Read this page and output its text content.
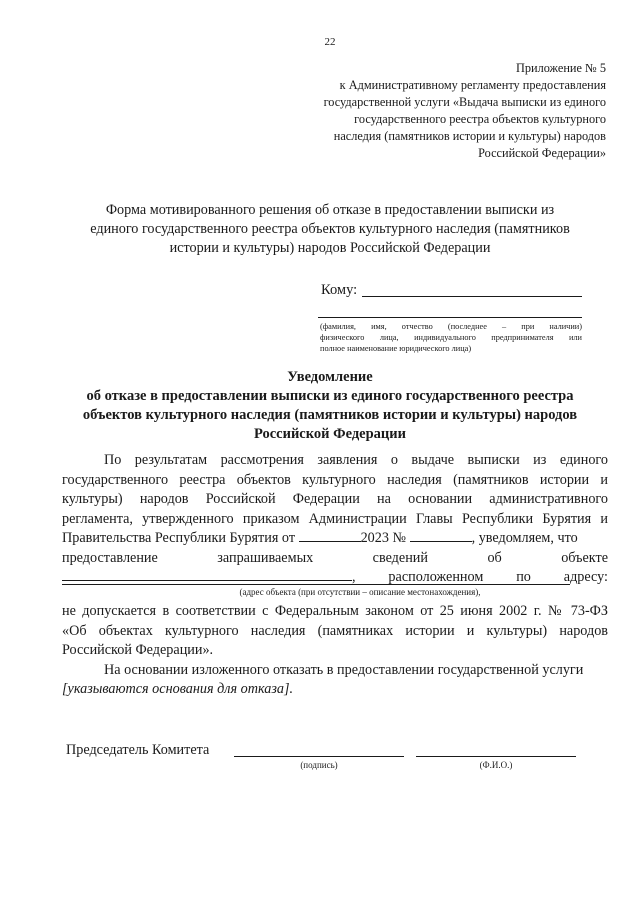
22
Приложение № 5
к Административному регламенту предоставления
государственной услуги «Выдача выписки из единого
государственного реестра объектов культурного
наследия (памятников истории и культуры) народов
Российской Федерации»
Форма мотивированного решения об отказе в предоставлении выписки из
единого государственного реестра объектов культурного наследия (памятников
истории и культуры) народов Российской Федерации
Кому:
(фамилия, имя, отчество (последнее – при наличии)
физического лица, индивидуального предпринимателя или
полное наименование юридического лица)
Уведомление
об отказе в предоставлении выписки из единого государственного реестра
объектов культурного наследия (памятников истории и культуры) народов
Российской Федерации
По результатам рассмотрения заявления о выдаче выписки из единого
государственного реестра объектов культурного наследия (памятников истории и
культуры) народов Российской Федерации на основании административного
регламента, утвержденного приказом Администрации Главы Республики Бурятия и
Правительства Республики Бурятия от	2023 №	, уведомляем, что
предоставление	запрашиваемых	сведений	об	объекте
, расположенном по адресу:
(адрес объекта (при отсутствии – описание местонахождения),
не допускается в соответствии с Федеральным законом от 25 июня 2002 г. № 73-ФЗ
«Об объектах культурного наследия (памятниках истории и культуры) народов
Российской Федерации».
На основании изложенного отказать в предоставлении государственной услуги
[указываются основания для отказа].
Председатель Комитета
(подпись)	(Ф.И.О.)
